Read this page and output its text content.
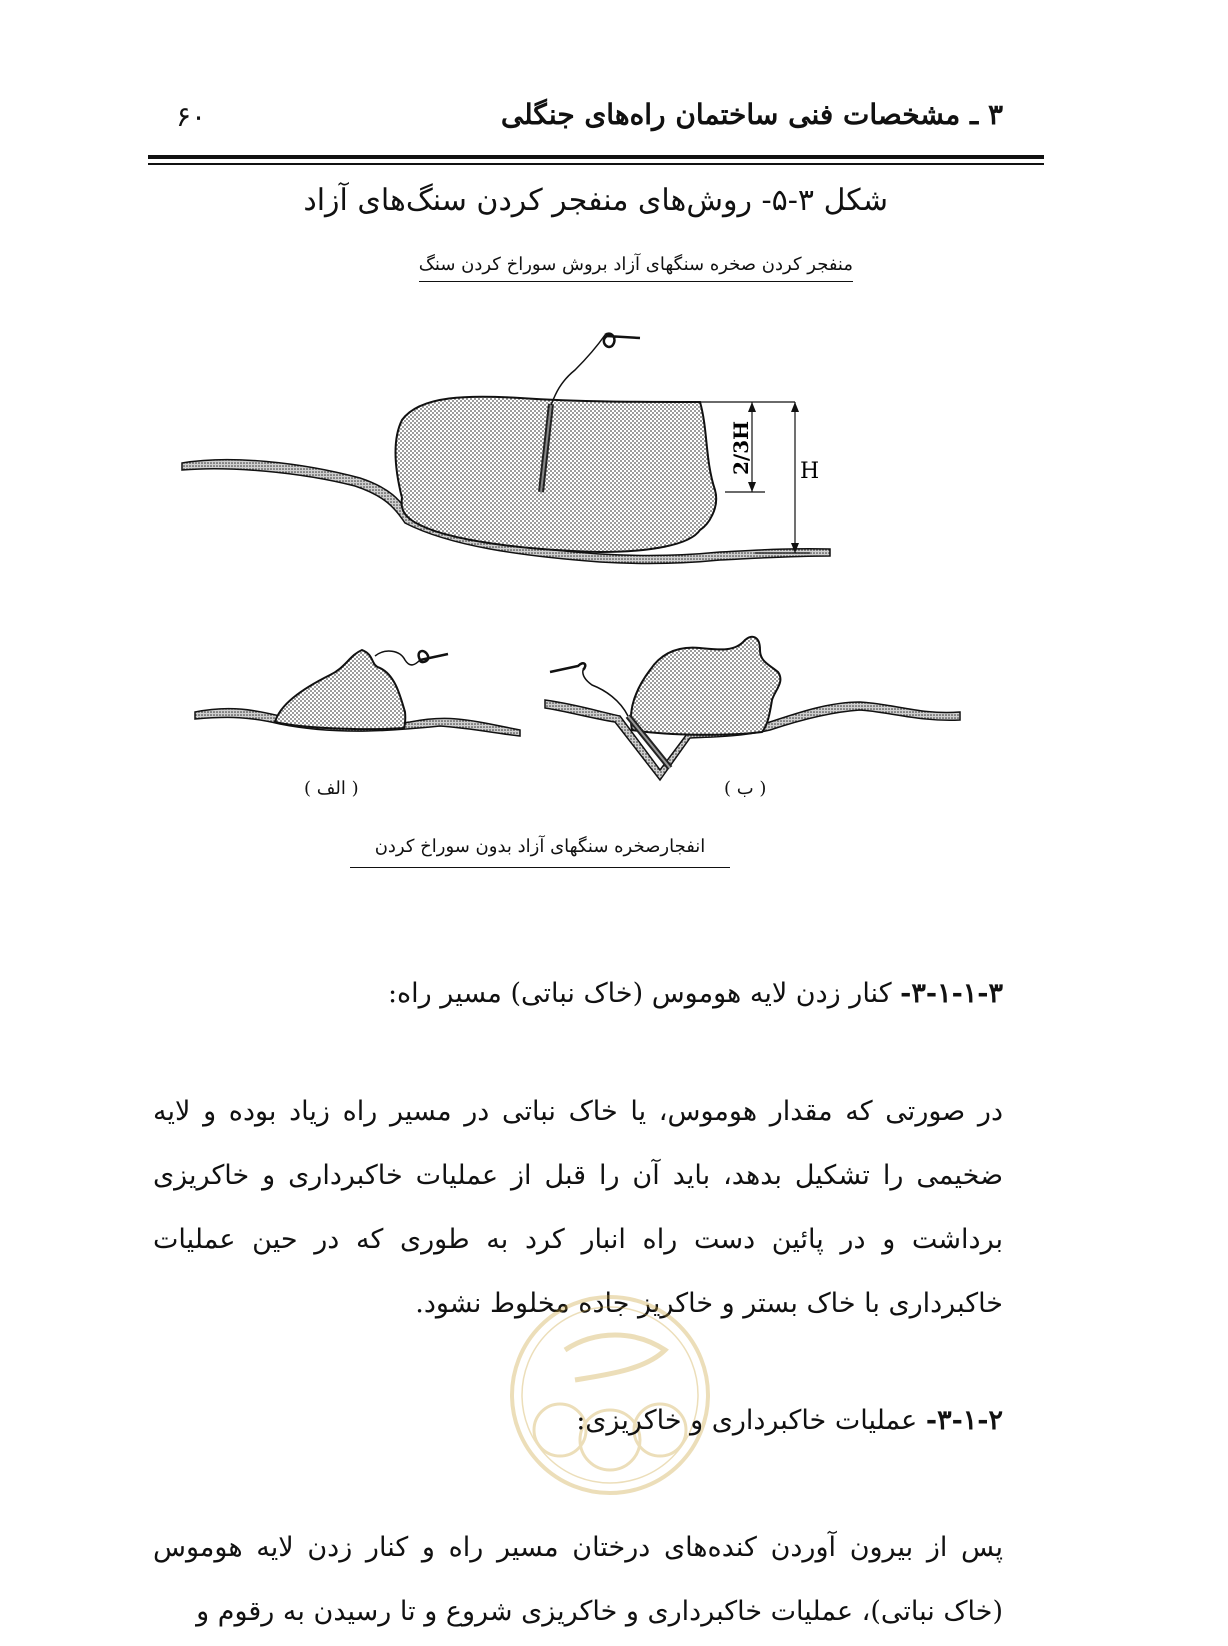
۶۰	۳ ـ مشخصات فنی ساختمان راه‌های جنگلی
شکل ۳-۵- روش‌های منفجر کردن سنگ‌های آزاد
منفجر کردن صخره سنگهای آزاد بروش سوراخ کردن سنگ
2/3H H
( الف )	( ب )
انفجارصخره سنگهای آزاد بدون سوراخ کردن
۳-۱-۱-۳- کنار زدن لایه هوموس (خاک نباتی) مسیر راه:
در صورتی که مقدار هوموس، یا خاک نباتی در مسیر راه زیاد بوده و لایه ضخیمی را تشکیل بدهد، باید آن را قبل از عملیات خاکبرداری و خاکریزی برداشت و در پائین دست راه انبار کرد به طوری که در حین عملیات خاکبرداری با خاک بستر و خاکریز جاده مخلوط نشود.
۳-۱-۲- عملیات خاکبرداری و خاکریزی:
پس از بیرون آوردن کنده‌های درختان مسیر راه و کنار زدن لایه هوموس (خاک نباتی)، عملیات خاکبرداری و خاکریزی شروع و تا رسیدن به رقوم و
